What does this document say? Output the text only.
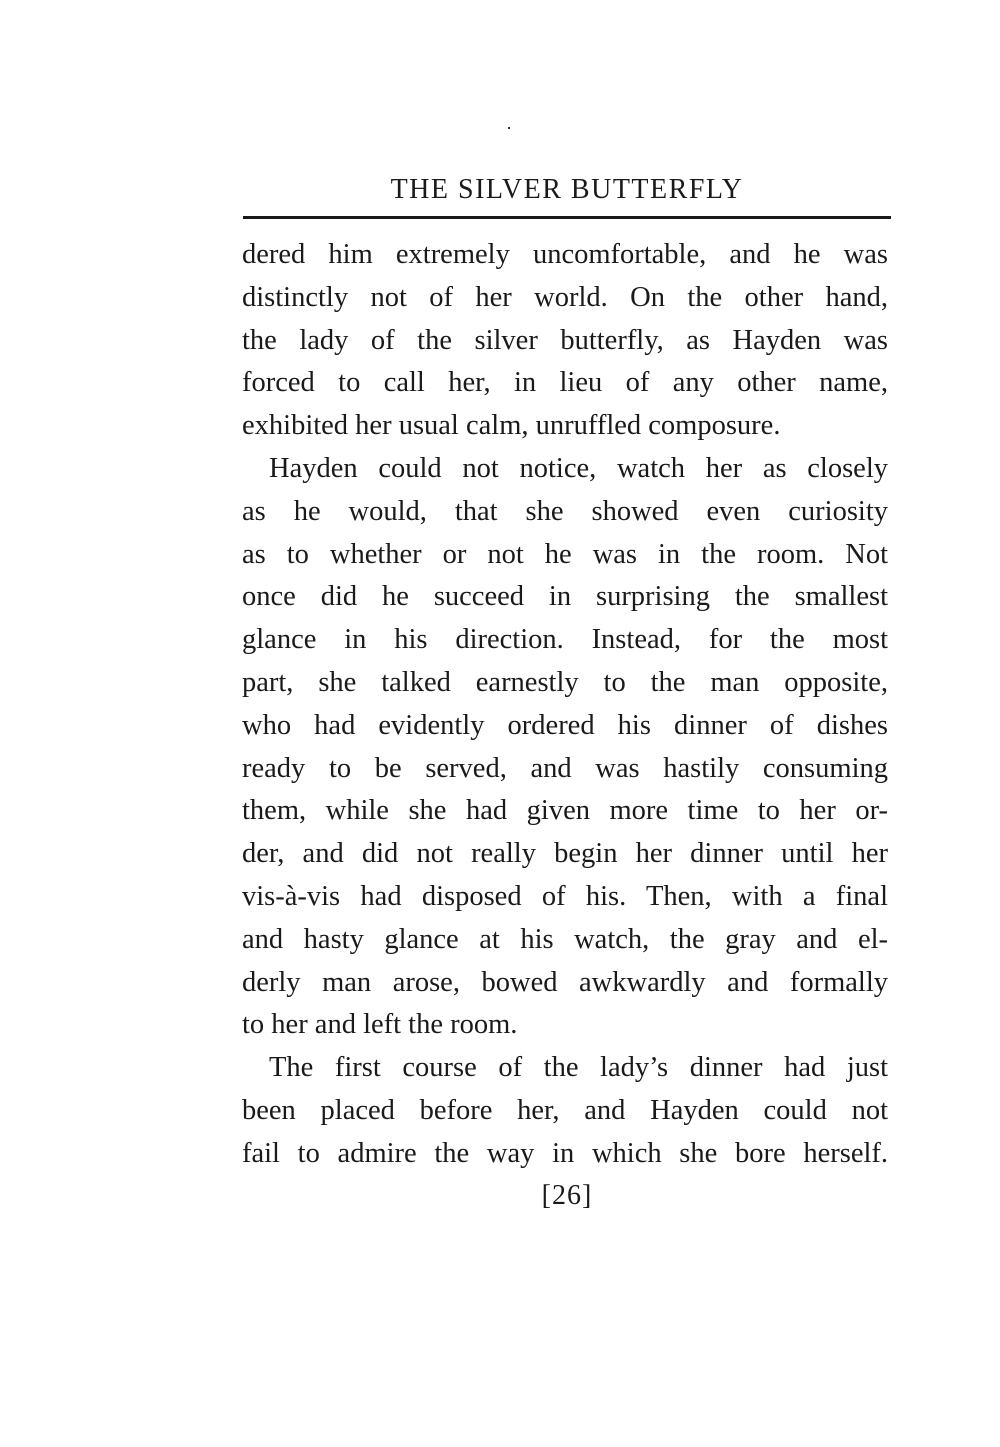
THE SILVER BUTTERFLY
dered him extremely uncomfortable, and he was
distinctly not of her world. On the other hand,
the lady of the silver butterfly, as Hayden was
forced to call her, in lieu of any other name,
exhibited her usual calm, unruffled composure.
Hayden could not notice, watch her as closely
as he would, that she showed even curiosity
as to whether or not he was in the room. Not
once did he succeed in surprising the smallest
glance in his direction. Instead, for the most
part, she talked earnestly to the man opposite,
who had evidently ordered his dinner of dishes
ready to be served, and was hastily consuming
them, while she had given more time to her or-
der, and did not really begin her dinner until her
vis-à-vis had disposed of his. Then, with a final
and hasty glance at his watch, the gray and el-
derly man arose, bowed awkwardly and formally
to her and left the room.
The first course of the lady’s dinner had just
been placed before her, and Hayden could not
fail to admire the way in which she bore herself.
[26]
